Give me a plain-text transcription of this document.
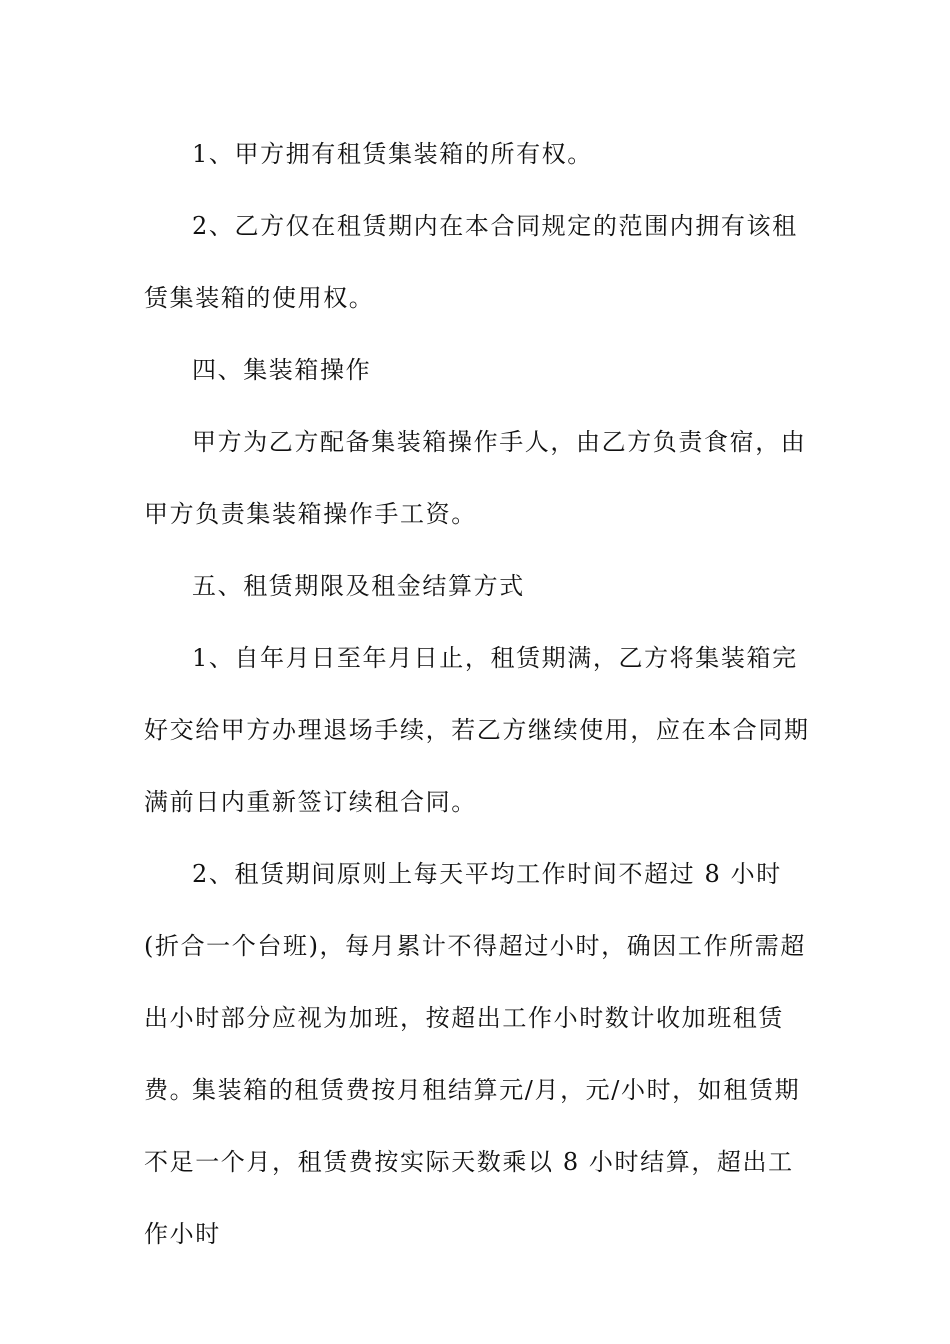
1、甲方拥有租赁集装箱的所有权。

2、乙方仅在租赁期内在本合同规定的范围内拥有该租赁集装箱的使用权。

四、集装箱操作

甲方为乙方配备集装箱操作手人，由乙方负责食宿，由甲方负责集装箱操作手工资。

五、租赁期限及租金结算方式

1、自年月日至年月日止，租赁期满，乙方将集装箱完好交给甲方办理退场手续，若乙方继续使用，应在本合同期满前日内重新签订续租合同。

2、租赁期间原则上每天平均工作时间不超过 8 小时(折合一个台班)，每月累计不得超过小时，确因工作所需超出小时部分应视为加班，按超出工作小时数计收加班租赁费。

集装箱的租赁费按月租结算元/月，元/小时，如租赁期不足一个月，租赁费按实际天数乘以 8 小时结算，超出工作小时
